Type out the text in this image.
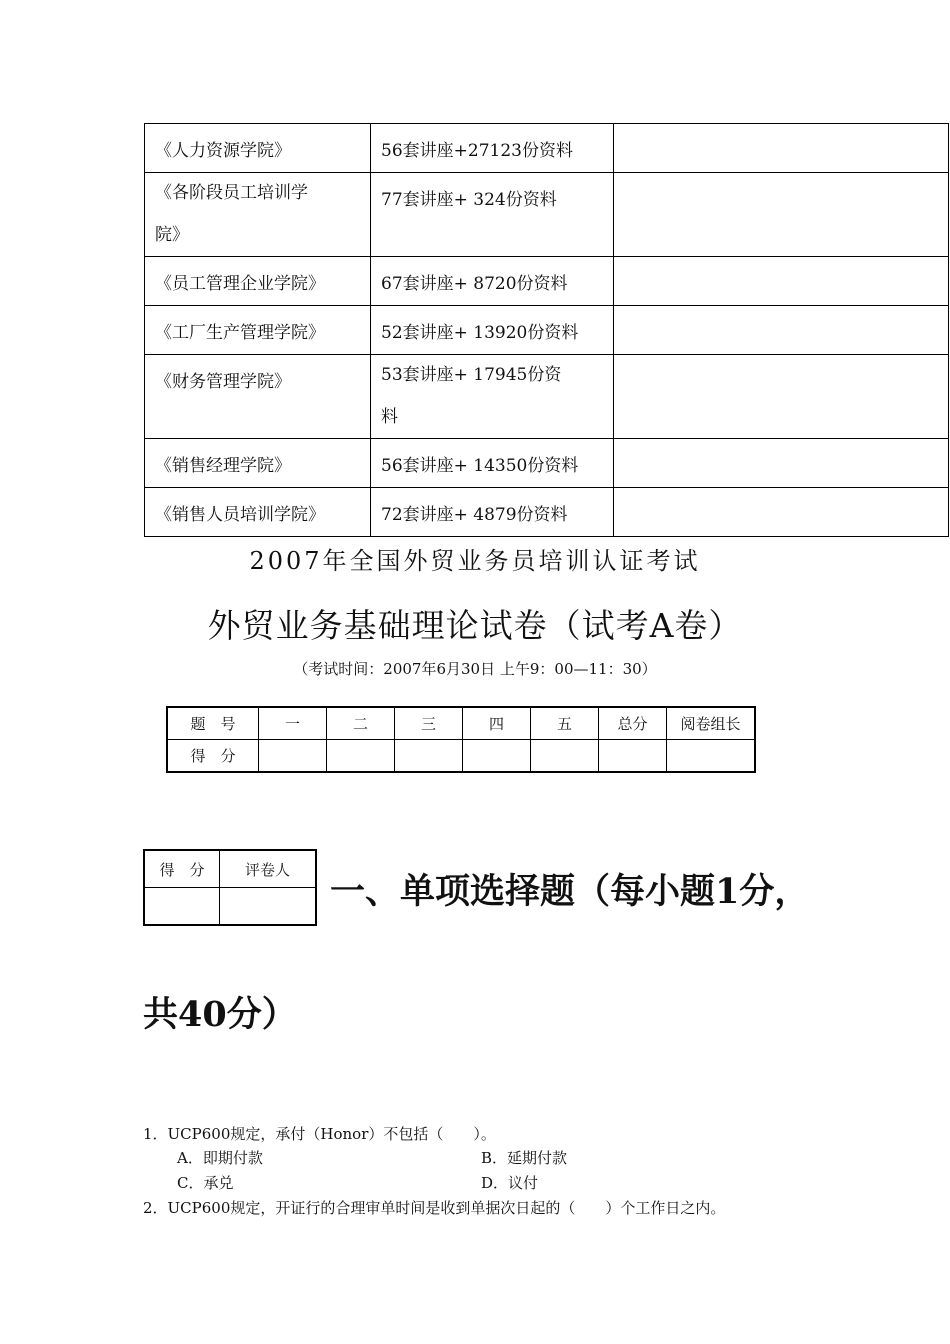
《人力资源学院》	56套讲座+27123份资料	

《各阶段员工培训学院》	77套讲座+ 324份资料	
《员工管理企业学院》	67套讲座+ 8720份资料	
《工厂生产管理学院》	52套讲座+ 13920份资料	
《财务管理学院》	53套讲座+ 17945份资料	

《销售经理学院》	56套讲座+ 14350份资料	
《销售人员培训学院》	72套讲座+ 4879份资料	
2007年全国外贸业务员培训认证考试
外贸业务基础理论试卷（试考A卷）
（考试时间：2007年6月30日 上午9：00—11：30）
题　号	一	二	三	四	五	总分	阅卷组长
得　分							
得　分	评卷人

一、单项选择题（每小题1分，
共40分）
1．UCP600规定，承付（Honor）不包括（　　）。
A．即期付款	B．延期付款
C．承兑	D．议付
2．UCP600规定，开证行的合理审单时间是收到单据次日起的（　　）个工作日之内。
